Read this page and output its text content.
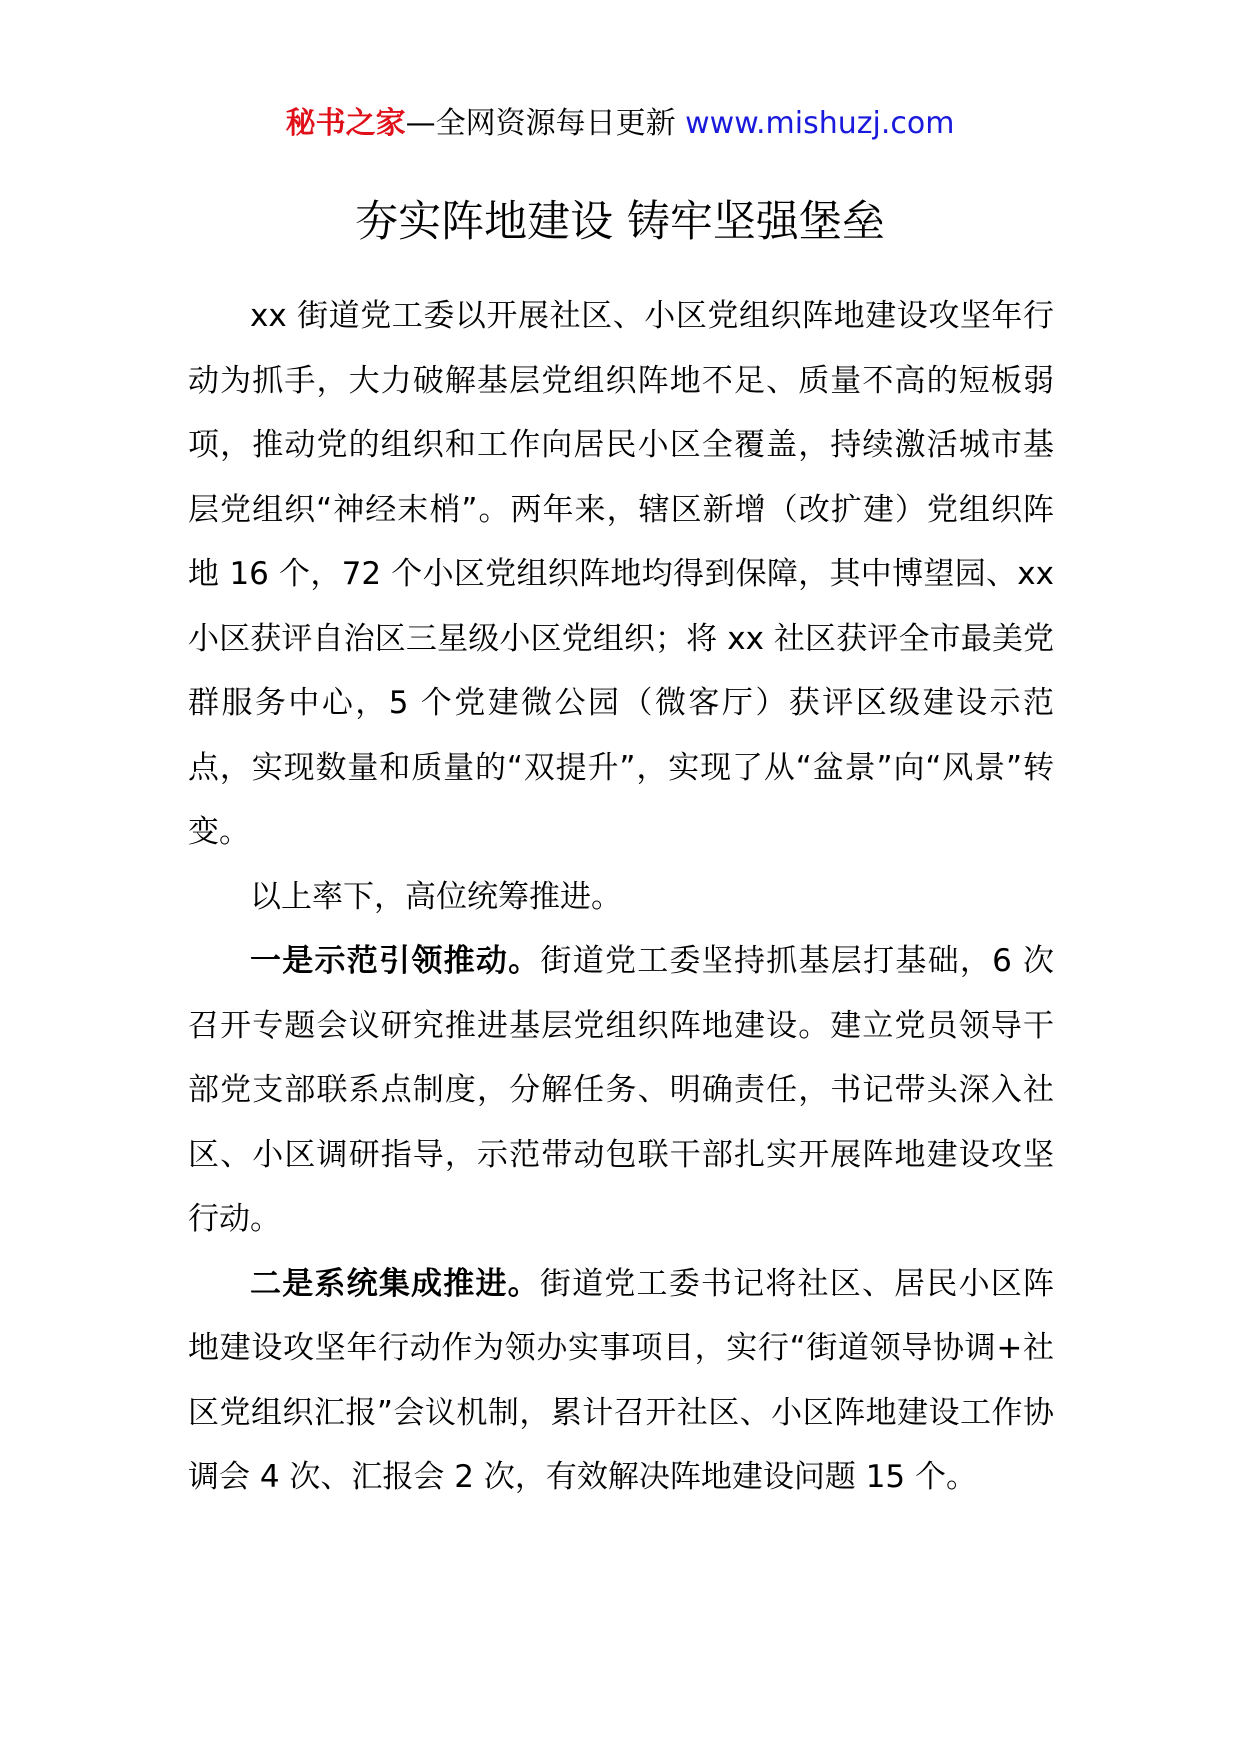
秘书之家—全网资源每日更新 www.mishuzj.com
夯实阵地建设 铸牢坚强堡垒

xx 街道党工委以开展社区、小区党组织阵地建设攻坚年行动为抓手，大力破解基层党组织阵地不足、质量不高的短板弱项，推动党的组织和工作向居民小区全覆盖，持续激活城市基层党组织“神经末梢”。两年来，辖区新增（改扩建）党组织阵地 16 个，72 个小区党组织阵地均得到保障，其中博望园、xx 小区获评自治区三星级小区党组织；将 xx 社区获评全市最美党群服务中心，5 个党建微公园（微客厅）获评区级建设示范点，实现数量和质量的“双提升”，实现了从“盆景”向“风景”转变。

以上率下，高位统筹推进。

一是示范引领推动。街道党工委坚持抓基层打基础，6 次召开专题会议研究推进基层党组织阵地建设。建立党员领导干部党支部联系点制度，分解任务、明确责任，书记带头深入社区、小区调研指导，示范带动包联干部扎实开展阵地建设攻坚行动。

二是系统集成推进。街道党工委书记将社区、居民小区阵地建设攻坚年行动作为领办实事项目，实行“街道领导协调+社区党组织汇报”会议机制，累计召开社区、小区阵地建设工作协调会 4 次、汇报会 2 次，有效解决阵地建设问题 15 个。
